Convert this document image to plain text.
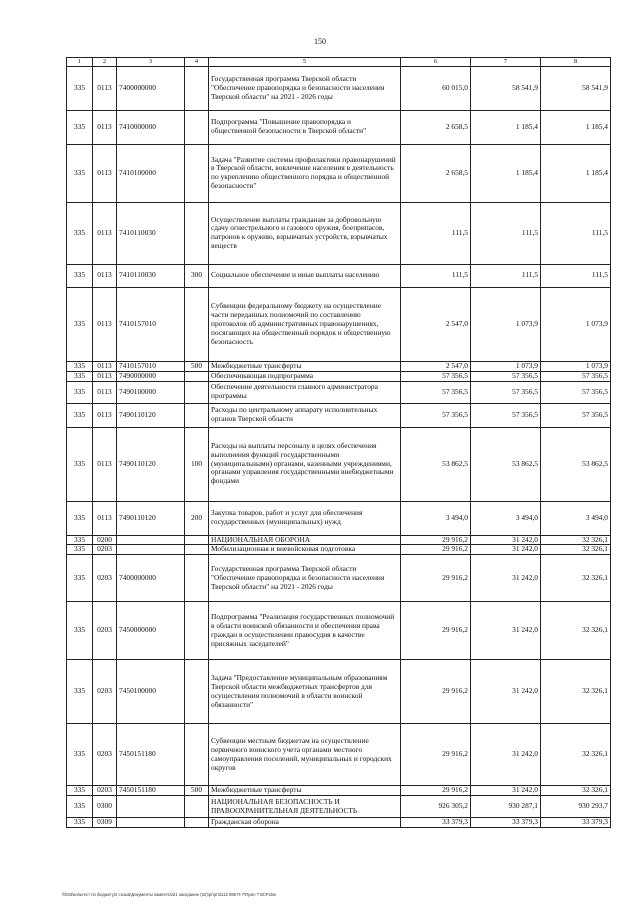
150
1	2	3	4	5	6	7	8
335	0113	7400000000		Государственная программа Тверской области "Обеспечение правопорядка и безопасности населения Тверской области" на 2021 - 2026 годы	60 015,0	58 541,9	58 541,9
335	0113	7410000000		Подпрограмма "Повышение правопорядка и общественной безопасности в Тверской области"	2 658,5	1 185,4	1 185,4
335	0113	7410100000		Задача "Развитие системы профилактики правонарушений в Тверской области, вовлечение населения в деятельность по укреплению общественного порядка и общественной безопасности"	2 658,5	1 185,4	1 185,4
335	0113	7410110030		Осуществление выплаты гражданам за добровольную сдачу огнестрельного и газового оружия, боеприпасов, патронов к оружию, взрывчатых устройств, взрывчатых веществ	111,5	111,5	111,5
335	0113	7410110030	300	Социальное обеспечение и иные выплаты населению	111,5	111,5	111,5
335	0113	7410157010		Субвенции федеральному бюджету на осуществление части переданных полномочий по составлению протоколов об административных правонарушениях, посягающих на общественный порядок и общественную безопасность	2 547,0	1 073,9	1 073,9
335	0113	7410157010	500	Межбюджетные трансферты	2 547,0	1 073,9	1 073,9
335	0113	7490000000		Обеспечивающая подпрограмма	57 356,5	57 356,5	57 356,5
335	0113	7490100000		Обеспечение деятельности главного администратора программы	57 356,5	57 356,5	57 356,5
335	0113	7490110120		Расходы по центральному аппарату исполнительных органов Тверской области	57 356,5	57 356,5	57 356,5
335	0113	7490110120	100	Расходы на выплаты персоналу в целях обеспечения выполнения функций государственными (муниципальными) органами, казенными учреждениями, органами управления государственными внебюджетными фондами	53 862,5	53 862,5	53 862,5
335	0113	7490110120	200	Закупка товаров, работ и услуг для обеспечения государственных (муниципальных) нужд	3 494,0	3 494,0	3 494,0
335	0200			НАЦИОНАЛЬНАЯ ОБОРОНА	29 916,2	31 242,0	32 326,1
335	0203			Мобилизационная и вневойсковая подготовка	29 916,2	31 242,0	32 326,1
335	0203	7400000000		Государственная программа Тверской области "Обеспечение правопорядка и безопасности населения Тверской области" на 2021 - 2026 годы	29 916,2	31 242,0	32 326,1
335	0203	7450000000		Подпрограмма "Реализация государственных полномочий в области воинской обязанности и обеспечения права граждан в осуществлении правосудия в качестве присяжных заседателей"	29 916,2	31 242,0	32 326,1
335	0203	7450100000		Задача "Предоставление муниципальным образованиям Тверской области межбюджетных трансфертов для осуществления полномочий в области воинской обязанности"	29 916,2	31 242,0	32 326,1
335	0203	7450151180		Субвенции местным бюджетам на осуществление первичного воинского учета органами местного самоуправления поселений, муниципальных и городских округов	29 916,2	31 242,0	32 326,1
335	0203	7450151180	500	Межбюджетные трансферты	29 916,2	31 242,0	32 326,1
335	0300			НАЦИОНАЛЬНАЯ БЕЗОПАСНОСТЬ И ПРАВООХРАНИТЕЛЬНАЯ ДЕЯТЕЛЬНОСТЬ	926 305,2	930 287,1	930 293,7
335	0309			Гражданская оборона	33 379,3	33 379,3	33 379,3
\\fs03\кольтест по бюджету\2 созыв\Документы комитета\21 заседание (02)\рг\рг\2113 985-П-7\Прил 7 ВСР.xlsx
